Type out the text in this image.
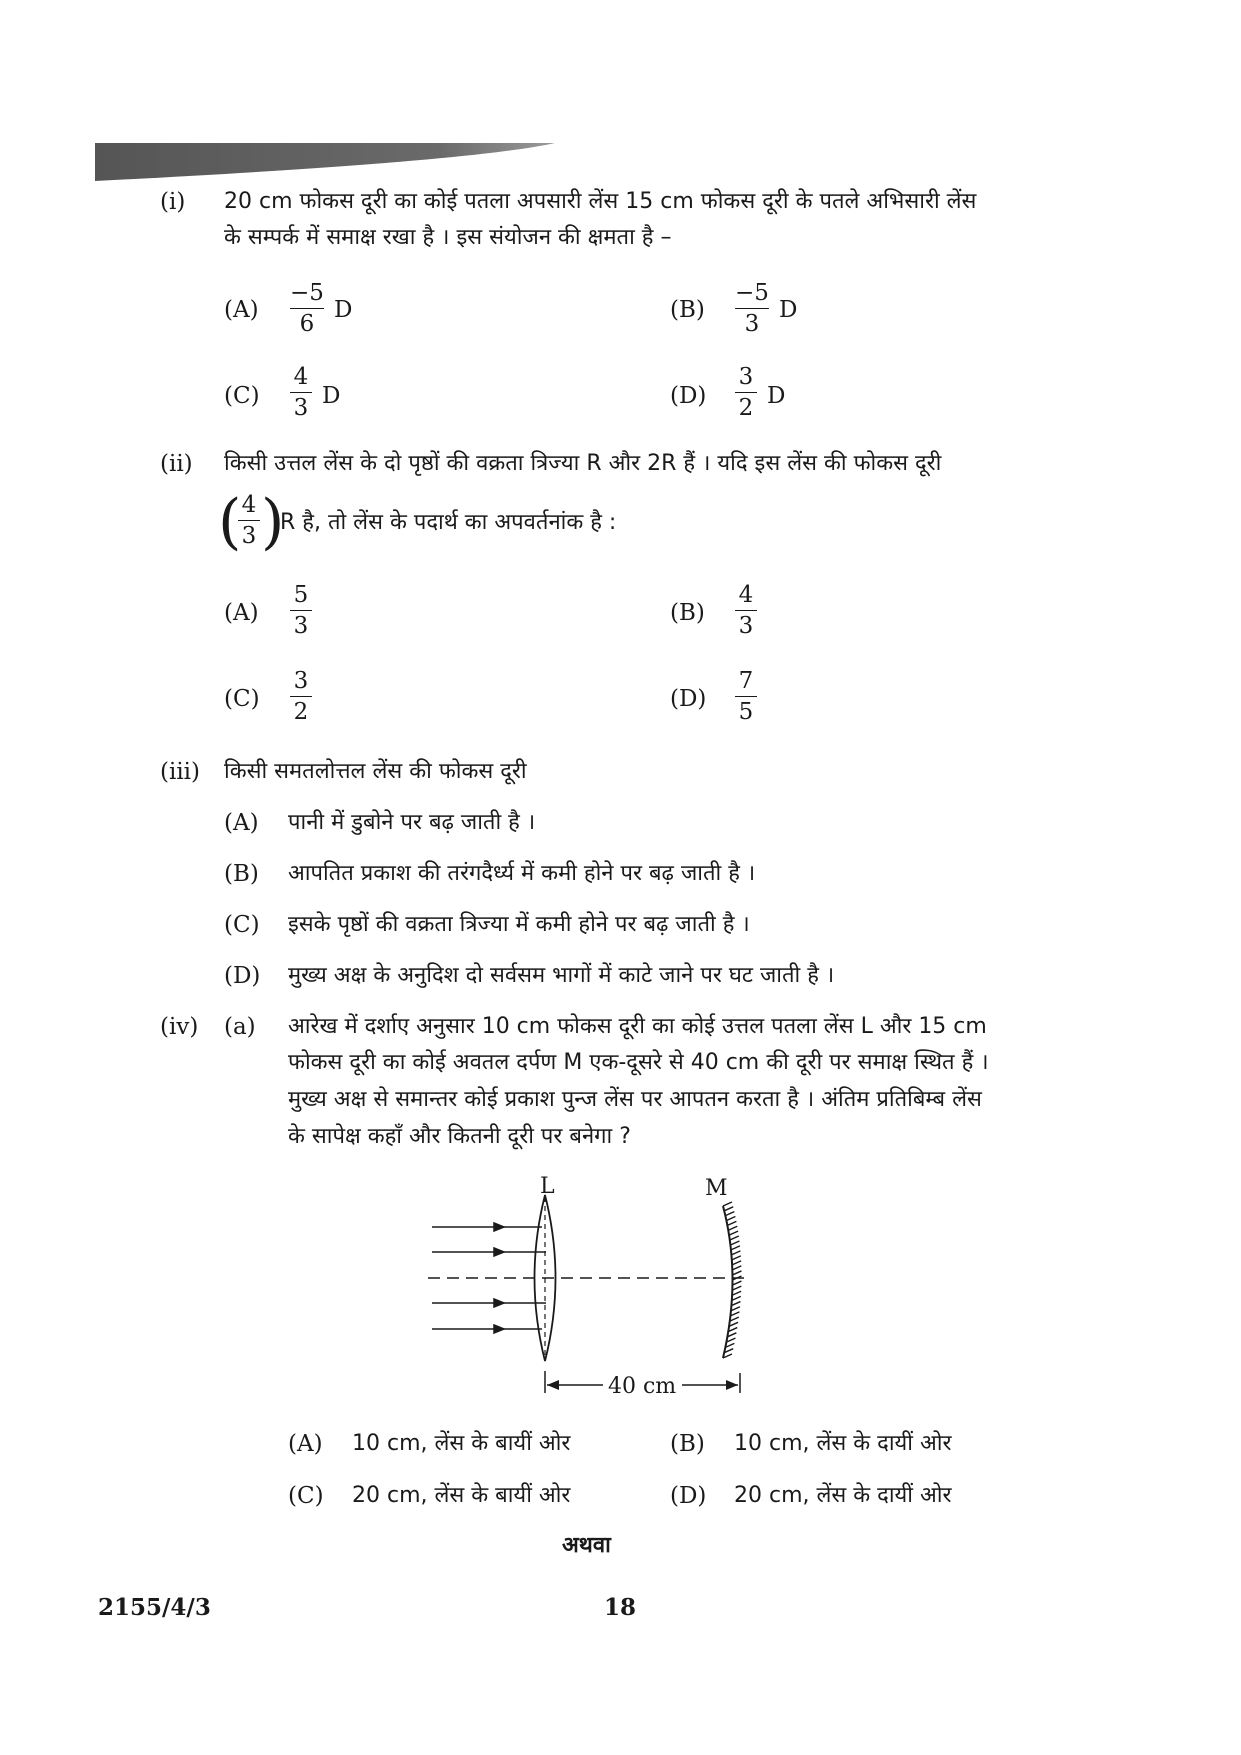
(i) 20 cm फोकस दूरी का कोई पतला अपसारी लेंस 15 cm फोकस दूरी के पतले अभिसारी लेंस
के सम्पर्क में समाक्ष रखा है । इस संयोजन की क्षमता है –
(A)
−5
6
D	(B)
−5
3
D
(C)
4
3 D	(D)
3
2 D
(ii) किसी उत्तल लेंस के दो पृष्ठों की वक्रता त्रिज्या R और 2R हैं । यदि इस लेंस की फोकस दूरी
( 4
3 )
R है, तो लेंस के पदार्थ का अपवर्तनांक है :
(A)
5
3	(B)
4
3
(C)
3
2	(D)
7
5
(iii) किसी समतलोत्तल लेंस की फोकस दूरी
(A) पानी में डुबोने पर बढ़ जाती है ।
(B) आपतित प्रकाश की तरंगदैर्ध्य में कमी होने पर बढ़ जाती है ।
(C) इसके पृष्ठों की वक्रता त्रिज्या में कमी होने पर बढ़ जाती है ।
(D) मुख्य अक्ष के अनुदिश दो सर्वसम भागों में काटे जाने पर घट जाती है ।
(iv) (a) आरेख में दर्शाए अनुसार 10 cm फोकस दूरी का कोई उत्तल पतला लेंस L और 15 cm
फोकस दूरी का कोई अवतल दर्पण M एक-दूसरे से 40 cm की दूरी पर समाक्ष स्थित हैं ।
मुख्य अक्ष से समान्तर कोई प्रकाश पुन्ज लेंस पर आपतन करता है । अंतिम प्रतिबिम्ब लेंस
के सापेक्ष कहाँ और कितनी दूरी पर बनेगा ?
L	M
40 cm
(A) 10 cm, लेंस के बायीं ओर	(B) 10 cm, लेंस के दायीं ओर
(C) 20 cm, लेंस के बायीं ओर	(D) 20 cm, लेंस के दायीं ओर
अथवा
2155/4/3	18
